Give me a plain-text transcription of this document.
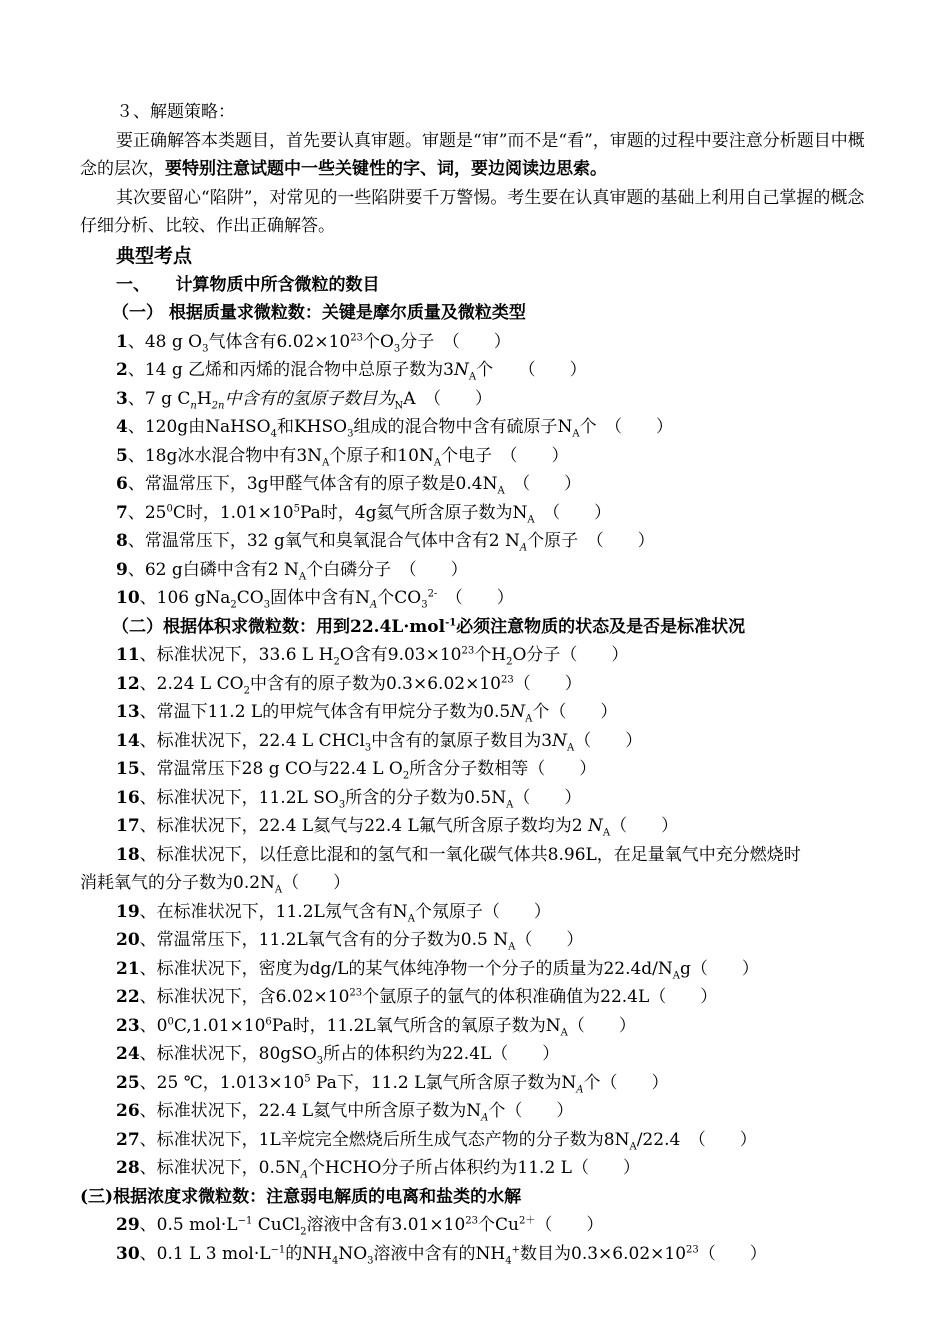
３、解题策略：
要正确解答本类题目，首先要认真审题。审题是“审”而不是“看”，审题的过程中要注意分析题目中概念的层次，要特别注意试题中一些关键性的字、词，要边阅读边思索。
其次要留心“陷阱”，对常见的一些陷阱要千万警惕。考生要在认真审题的基础上利用自己掌握的概念仔细分析、比较、作出正确解答。
典型考点
一、　　计算物质中所含微粒的数目
（一） 根据质量求微粒数：关键是摩尔质量及微粒类型
1、48 g $O_3$气体含有$6.02\times 10^{23}$个$O_3$分子　（　　）
2、14 g 乙烯和丙烯的混合物中总原子数为$3N_A$个　　（　　）
3、7 g $C_nH_{2n}$中含有的氢原子数目为$_N$A　（　　）
4、120g由NaHSO$_4$和$KHSO_3$组成的混合物中含有硫原子$N_A$个　（　　）
5、18g冰水混合物中有$3N_A$个原子和$10N_A$个电子　（　　）
6、常温常压下，3g甲醛气体含有的原子数是$0.4N_A$　（　　）
7、$25^0C$时，$1.01\times 10^5Pa$时，4g氦气所含原子数为$N_A$　（　　）
8、常温常压下，32 g氧气和臭氧混合气体中含有2 $N_A$个原子　（　　）
9、62 g白磷中含有2 $N_A$个白磷分子　（　　）
10、106 $gNa_2CO_3$固体中含有$N_A$个$CO_3^{2-}$　（　　）
（二）根据体积求微粒数：用到22.4L·mol$^{-1}$必须注意物质的状态及是否是标准状况
11、标准状况下，33.6 L $H_2O$含有$9.03\times 10^{23}$个$H_2O$分子（　　）
12、2.24 L $CO_2$中含有的原子数为$0.3\times 6.02\times 10^{23}$（　　）
13、常温下11.2 L的甲烷气体含有甲烷分子数为$0.5N_A$个（　　）
14、标准状况下，22.4 L CHCl$_3$中含有的氯原子数目为$3N_A$（　　）
15、常温常压下28 g CO与22.4 L $O_2$所含分子数相等（　　）
16、标准状况下，11.2L $SO_3$所含的分子数为$0.5N_A$（　　）
17、标准状况下，22.4 L氦气与22.4 L氟气所含原子数均为2 $N_A$（　　）
18、标准状况下，以任意比混和的氢气和一氧化碳气体共8.96L，在足量氧气中充分燃烧时
消耗氧气的分子数为$0.2N_A$（　　）
19、在标准状况下，11.2L氖气含有$N_A$个氖原子（　　）
20、常温常压下，11.2L氧气含有的分子数为0.5 $N_A$（　　）
21、标准状况下，密度为dg/L的某气体纯净物一个分子的质量为$22.4d/N_Ag$（　　）
22、标准状况下，含$6.02\times 10^{23}$个氩原子的氩气的体积准确值为22.4L（　　）
23、$0^0C,1.01\times 10^6Pa$时，11.2L氧气所含的氧原子数为$N_A$（　　）
24、标准状况下，80gSO$_3$所占的体积约为22.4L（　　）
25、25 ℃，$1.013\times 10^5$ Pa下，11.2 L氯气所含原子数为$N_A$个（　　）
26、标准状况下，22.4 L氦气中所含原子数为$N_A$个（　　）
27、标准状况下，1L辛烷完全燃烧后所生成气态产物的分子数为$8N_A/22.4$　（　　）
28、标准状况下，$0.5N_A$个HCHO分子所占体积约为11.2 L（　　）
(三)根据浓度求微粒数：注意弱电解质的电离和盐类的水解
29、0.5 $mol\cdot L^{-1}$ CuCl$_2$溶液中含有$3.01\times 10^{23}$个$Cu^{2+}$（　　）
30、0.1 L 3 $mol\cdot L^{-1}$的$NH_4NO_3$溶液中含有的$NH_4^+$数目为$0.3\times 6.02\times 10^{23}$（　　）
